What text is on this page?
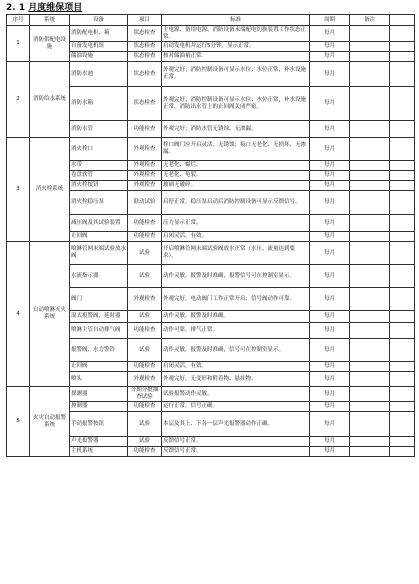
2. 1 月度维保项目
序号	系统	设备	项目	标准	周期	备注	
1	消防供配电设施	消防配电柜、箱	状态检查	主电源、备用电源、消防设备末端配电切换装置工作状态正常。	每月		
		自备发电机组	状态检查	启动发电机并运行5分钟，显示正常。	每月		
		储油设施	状态检查	核对储油量正常。	每月		
2	消防给水系统	消防水池	状态检查	外观完好；消防控制设备可显示水位；水位正常，补水设施正常。	每月		
		消防水箱	状态检查	外观完好；消防控制设备可显示水位；水位正常，补水设施正常，消防出水管上的止回阀关闭严密。	每月		
		消防水管	功能检查	外观完好；消防水管无锈蚀、无渗漏。	每月		
3	消火栓系统	消火栓口	外观检查	栓口阀门应开启灵活、无锈蚀；接口无老化、无损坏、无渗漏。	每月		
		水带	外观检查	无老化、霉烂。	每月		
		卷盘软管	外观检查	无老化、龟裂。	每月		
		消火栓按钮	外观检查	玻璃无破碎。	每月		
		消火栓稳压泵	联动试验	启停正常，稳压泵启动后消防控制设备可显示反馈信号。	每月		
		减压阀及其试验装置	功能检查	压力显示正常。	每月		
		止回阀	功能检查	启闭灵活，有效。	每月		
4	自动喷淋灭火系统	喷淋管网末端试验放水阀	试验	开启喷淋管网末端试验阀放水正常（水压、流量达到要求）。	每月		
		水流指示器	试验	动作灵敏，报警及时准确，报警信号可在控制室显示。	每月		
		阀门	外观检查	外观完好，电动阀门工作正常开启；信号阀动作可靠。	每月		
		湿式报警阀、延时器	试验	动作灵敏，报警及时准确。	每月		
		喷淋主管自动排气阀	功能检查	动作可靠，排气正常。	每月		
		报警阀、水力警铃	试验	动作灵敏，报警及时准确，信号可在控制室显示。	每月		
		止回阀	功能检查	启闭灵活，有效。	每月		
		喷头	外观检查	外观完好，无变形和附着物、悬挂物。	每月		
5	火灾自动报警系统	探测器	分期分批抽查试验	试验报警动作灵敏。	每月		
		控制器	功能检查	运行正常，信号正确。	每月		
		手动报警按钮	试验	本层及其上、下各一层声光报警器动作正确。	每月		
		声光报警器	试验	反馈信号正常。	每月		
		主机系统	功能检查	反馈信号正常。	每月		
